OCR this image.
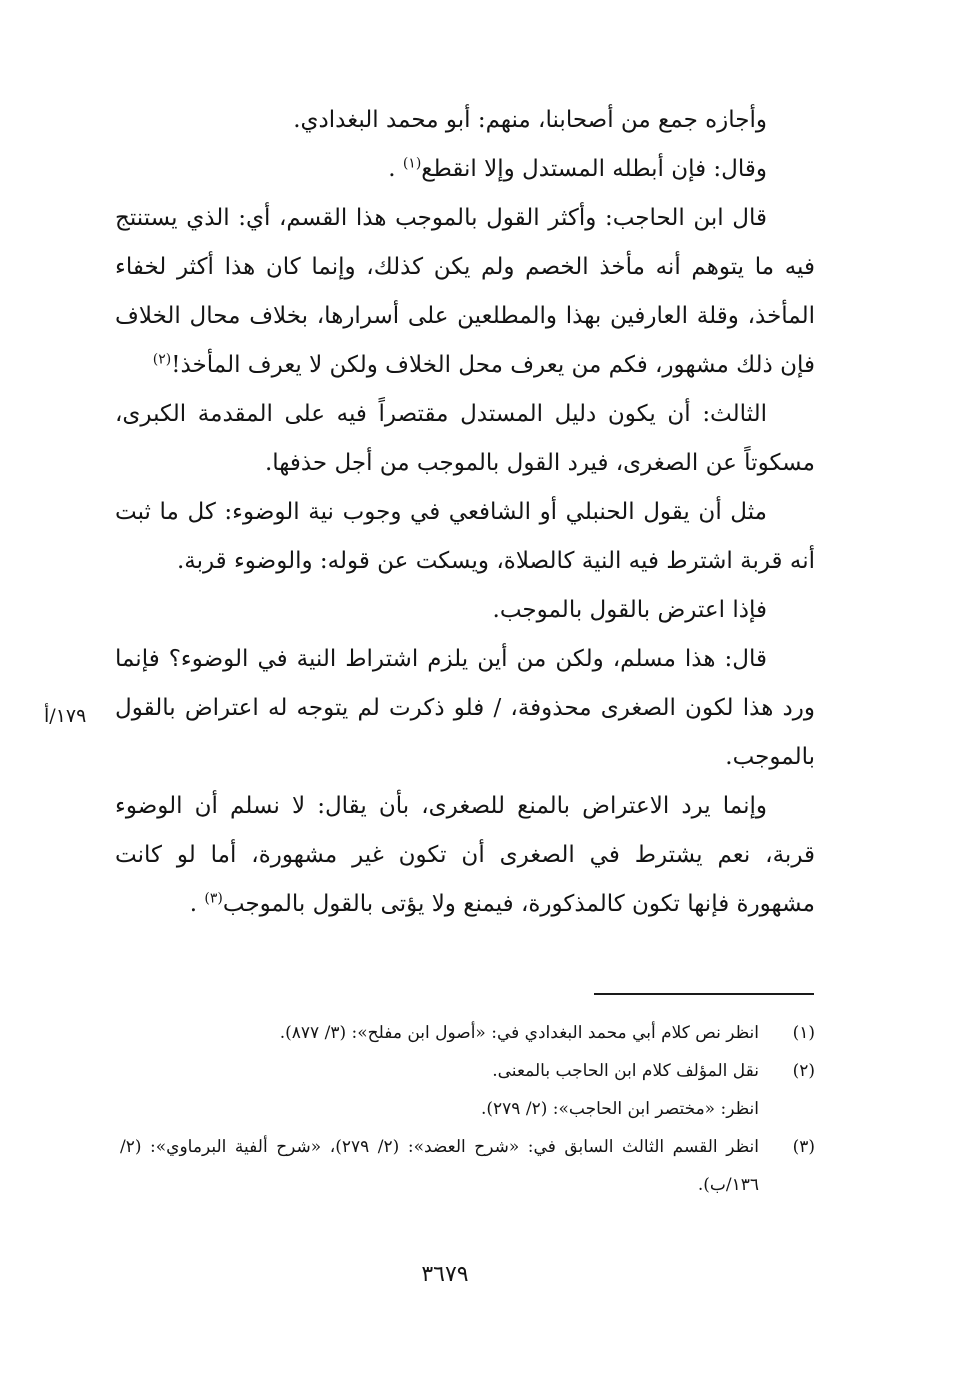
وأجازه جمع من أصحابنا، منهم: أبو محمد البغدادي.

وقال: فإن أبطله المستدل وإلا انقطع$^{(١)}$ .

قال ابن الحاجب: وأكثر القول بالموجب هذا القسم، أي: الذي يستنتج فيه ما يتوهم أنه مأخذ الخصم ولم يكن كذلك، وإنما كان هذا أكثر لخفاء المأخذ، وقلة العارفين بهذا والمطلعين على أسرارها، بخلاف محال الخلاف فإن ذلك مشهور، فكم من يعرف محل الخلاف ولكن لا يعرف المأخذ!$^{(٢)}$

الثالث: أن يكون دليل المستدل مقتصراً فيه على المقدمة الكبرى، مسكوتاً عن الصغرى، فيرد القول بالموجب من أجل حذفها.

مثل أن يقول الحنبلي أو الشافعي في وجوب نية الوضوء: كل ما ثبت أنه قربة اشترط فيه النية كالصلاة، ويسكت عن قوله: والوضوء قربة.

فإذا اعترض بالقول بالموجب.

قال: هذا مسلم، ولكن من أين يلزم اشتراط النية في الوضوء؟ فإنما ورد هذا لكون الصغرى محذوفة، / فلو ذكرت لم يتوجه له اعتراض بالقول بالموجب.

وإنما يرد الاعتراض بالمنع للصغرى، بأن يقال: لا نسلم أن الوضوء قربة، نعم يشترط في الصغرى أن تكون غير مشهورة، أما لو كانت مشهورة فإنها تكون كالمذكورة، فيمنع ولا يؤتى بالقول بالموجب$^{(٣)}$ .

١٧٩/أ

(١)
انظر نص كلام أبي محمد البغدادي في: «أصول ابن مفلح»: (٣/ ٨٧٧).

(٢)
نقل المؤلف كلام ابن الحاجب بالمعنى.

انظر: «مختصر ابن الحاجب»: (٢/ ٢٧٩).

(٣)
انظر القسم الثالث السابق في: «شرح العضد»: (٢/ ٢٧٩)، «شرح ألفية البرماوي»: (٢/ ١٣٦/ب).

٣٦٧٩
